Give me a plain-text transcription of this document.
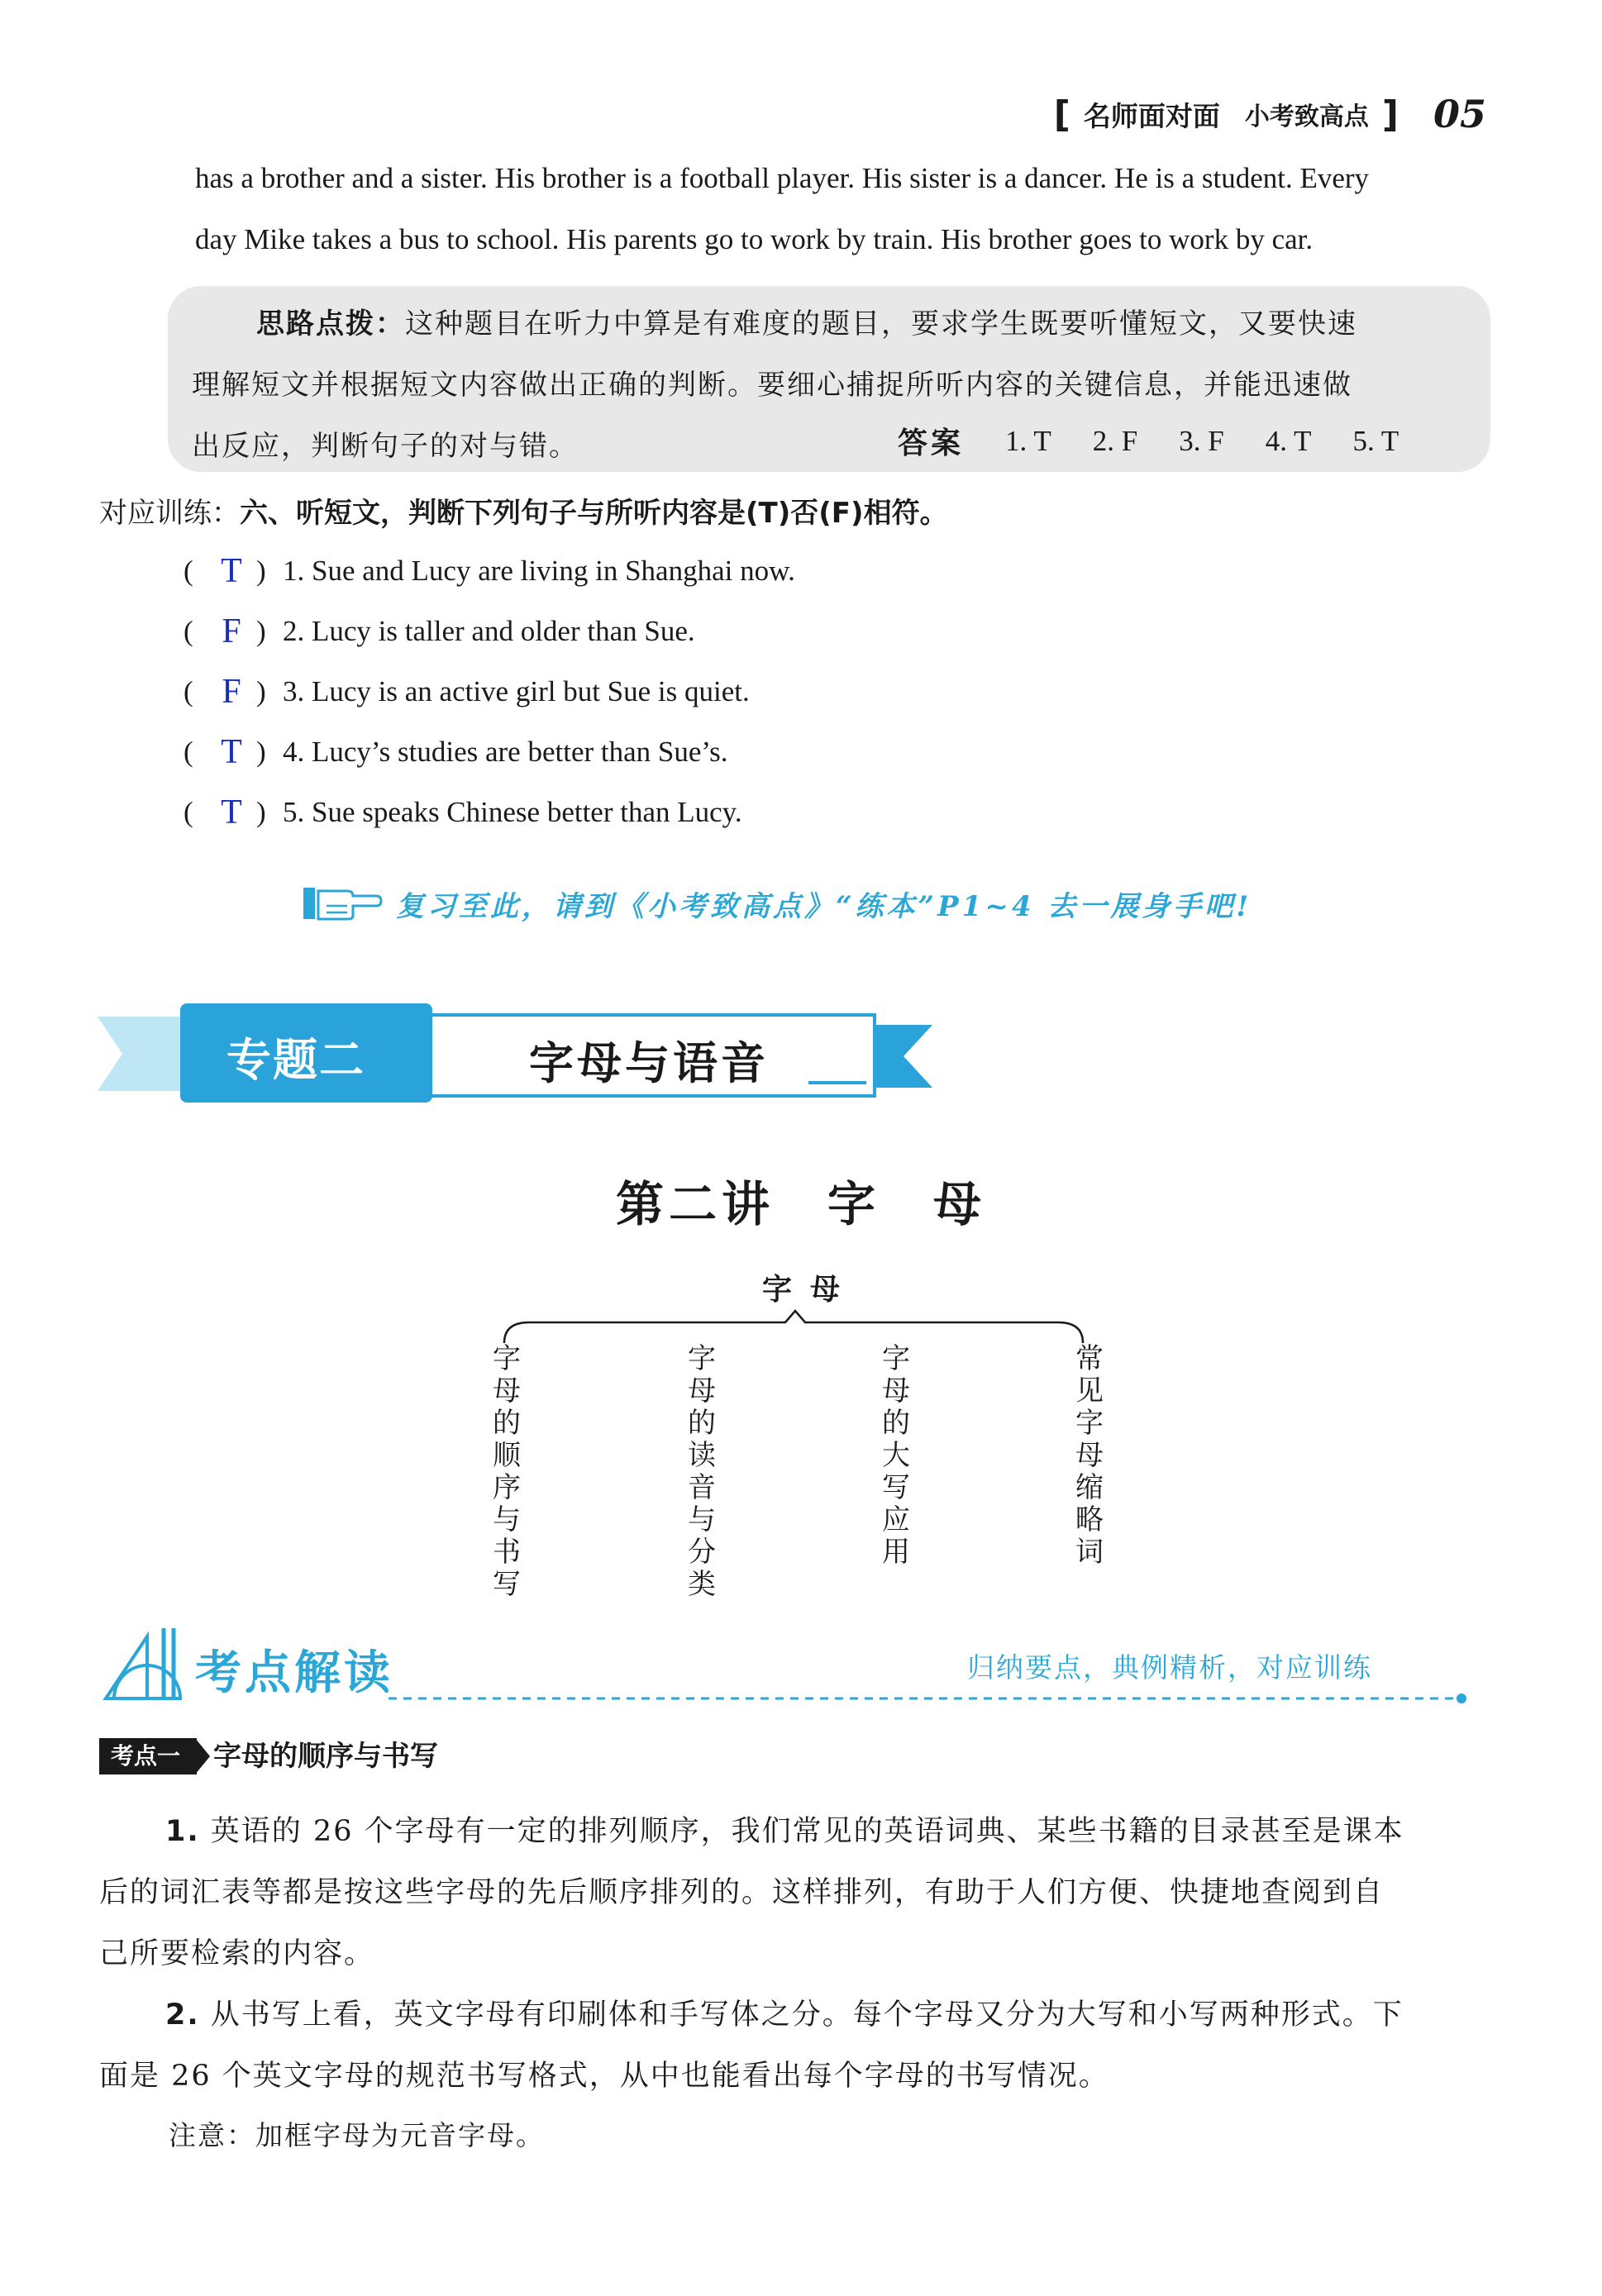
[ 名师面对面 小考致高点 ] 05
has a brother and a sister. His brother is a football player. His sister is a dancer. He is a student. Every
day Mike takes a bus to school. His parents go to work by train. His brother goes to work by car.
思路点拨：这种题目在听力中算是有难度的题目，要求学生既要听懂短文，又要快速
理解短文并根据短文内容做出正确的判断。要细心捕捉所听内容的关键信息，并能迅速做
出反应，判断句子的对与错。	答案 1. T 2. F 3. F 4. T 5. T
对应训练：六、听短文，判断下列句子与所听内容是(T)否(F)相符。
( T ) 1. Sue and Lucy are living in Shanghai now.
( F ) 2. Lucy is taller and older than Sue.
( F ) 3. Lucy is an active girl but Sue is quiet.
( T ) 4. Lucy’s studies are better than Sue’s.
( T ) 5. Sue speaks Chinese better than Lucy.
复习至此，请到《小考致高点》“练本”P1~4 去一展身手吧!
专题二	字母与语音
第二讲　字　母
字母
字母的顺序与书写
字母的读音与分类
字母的大写应用
常见字母缩略词
考点解读	归纳要点，典例精析，对应训练
考点一	字母的顺序与书写
1. 英语的 26 个字母有一定的排列顺序，我们常见的英语词典、某些书籍的目录甚至是课本
后的词汇表等都是按这些字母的先后顺序排列的。这样排列，有助于人们方便、快捷地查阅到自
己所要检索的内容。
2. 从书写上看，英文字母有印刷体和手写体之分。每个字母又分为大写和小写两种形式。下
面是 26 个英文字母的规范书写格式，从中也能看出每个字母的书写情况。
注意：加框字母为元音字母。
